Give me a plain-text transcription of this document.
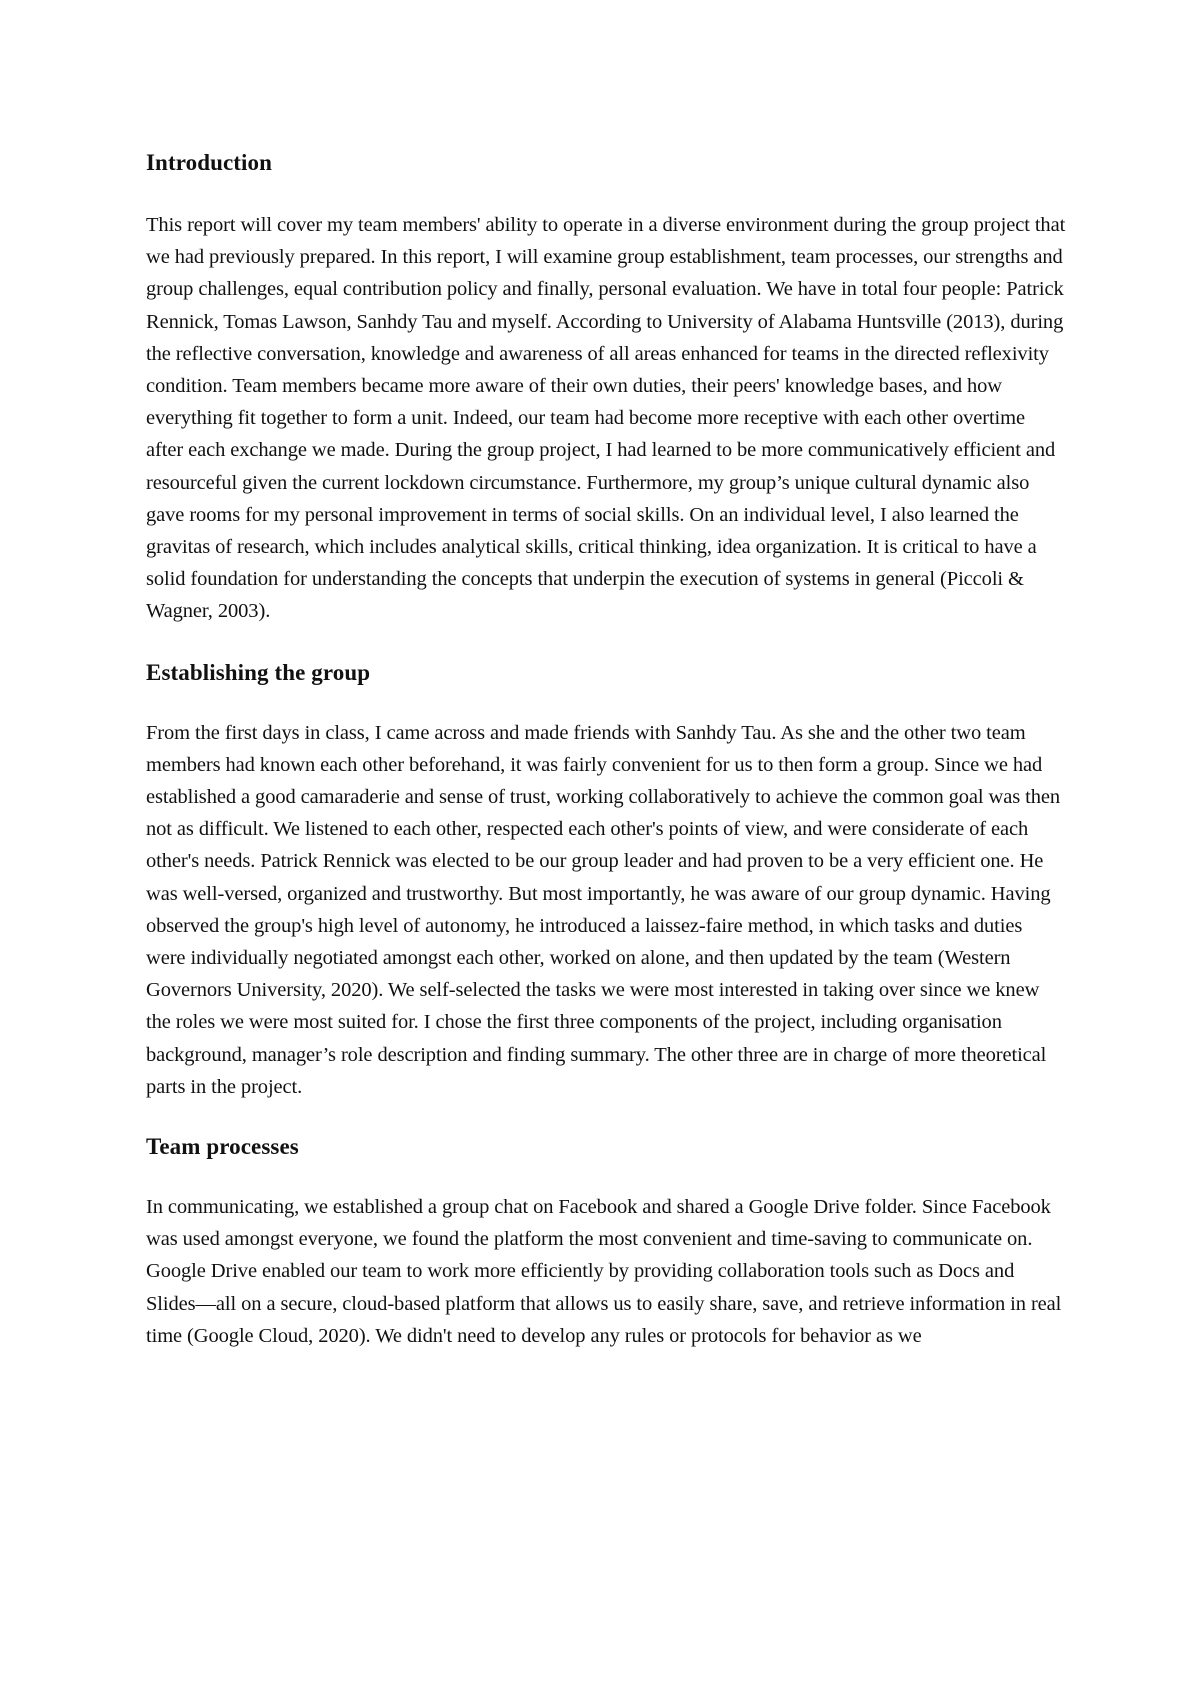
Introduction

This report will cover my team members' ability to operate in a diverse environment during the group project that we had previously prepared. In this report, I will examine group establishment, team processes, our strengths and group challenges, equal contribution policy and finally, personal evaluation. We have in total four people: Patrick Rennick, Tomas Lawson, Sanhdy Tau and myself. According to University of Alabama Huntsville (2013), during the reflective conversation, knowledge and awareness of all areas enhanced for teams in the directed reflexivity condition. Team members became more aware of their own duties, their peers' knowledge bases, and how everything fit together to form a unit. Indeed, our team had become more receptive with each other overtime after each exchange we made. During the group project, I had learned to be more communicatively efficient and resourceful given the current lockdown circumstance. Furthermore, my group’s unique cultural dynamic also gave rooms for my personal improvement in terms of social skills. On an individual level, I also learned the gravitas of research, which includes analytical skills, critical thinking, idea organization. It is critical to have a solid foundation for understanding the concepts that underpin the execution of systems in general (Piccoli & Wagner, 2003).

Establishing the group

From the first days in class, I came across and made friends with Sanhdy Tau. As she and the other two team members had known each other beforehand, it was fairly convenient for us to then form a group. Since we had established a good camaraderie and sense of trust, working collaboratively to achieve the common goal was then not as difficult. We listened to each other, respected each other's points of view, and were considerate of each other's needs. Patrick Rennick was elected to be our group leader and had proven to be a very efficient one. He was well-versed, organized and trustworthy. But most importantly, he was aware of our group dynamic. Having observed the group's high level of autonomy, he introduced a laissez-faire method, in which tasks and duties were individually negotiated amongst each other, worked on alone, and then updated by the team (Western Governors University, 2020). We self-selected the tasks we were most interested in taking over since we knew the roles we were most suited for. I chose the first three components of the project, including organisation background, manager’s role description and finding summary. The other three are in charge of more theoretical parts in the project.

Team processes

In communicating, we established a group chat on Facebook and shared a Google Drive folder. Since Facebook was used amongst everyone, we found the platform the most convenient and time-saving to communicate on. Google Drive enabled our team to work more efficiently by providing collaboration tools such as Docs and Slides—all on a secure, cloud-based platform that allows us to easily share, save, and retrieve information in real time (Google Cloud, 2020). We didn't need to develop any rules or protocols for behavior as we
